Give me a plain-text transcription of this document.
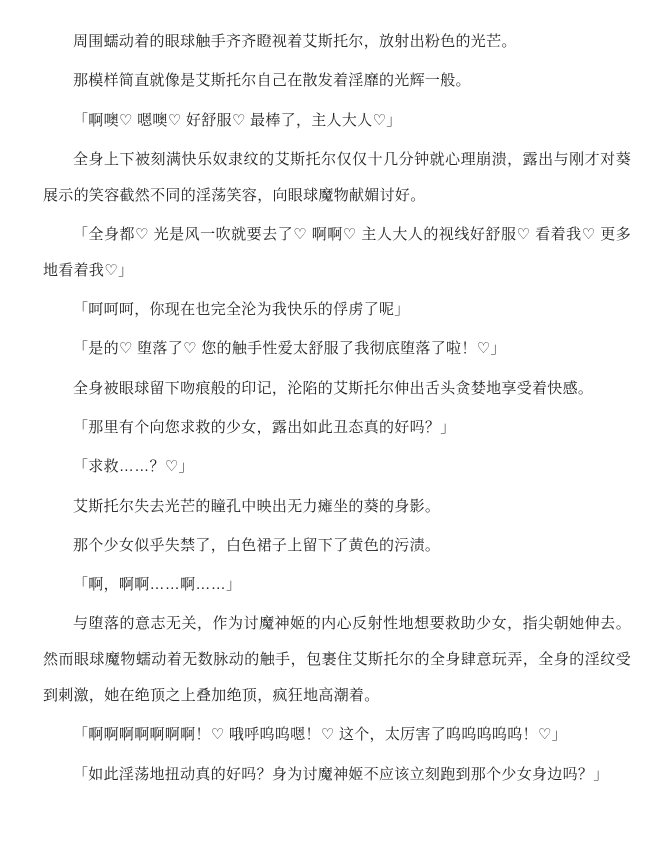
周围蠕动着的眼球触手齐齐瞪视着艾斯托尔，放射出粉色的光芒。

那模样简直就像是艾斯托尔自己在散发着淫靡的光辉一般。

「啊噢♡ 嗯噢♡ 好舒服♡ 最棒了，主人大人♡」

全身上下被刻满快乐奴隶纹的艾斯托尔仅仅十几分钟就心理崩溃，露出与刚才对葵展示的笑容截然不同的淫荡笑容，向眼球魔物献媚讨好。

「全身都♡ 光是风一吹就要去了♡ 啊啊♡ 主人大人的视线好舒服♡ 看着我♡ 更多地看着我♡」

「呵呵呵，你现在也完全沦为我快乐的俘虏了呢」

「是的♡ 堕落了♡ 您的触手性爱太舒服了我彻底堕落了啦！♡」

全身被眼球留下吻痕般的印记，沦陷的艾斯托尔伸出舌头贪婪地享受着快感。

「那里有个向您求救的少女，露出如此丑态真的好吗？」

「求救……？♡」

艾斯托尔失去光芒的瞳孔中映出无力瘫坐的葵的身影。

那个少女似乎失禁了，白色裙子上留下了黄色的污渍。

「啊，啊啊……啊……」

与堕落的意志无关，作为讨魔神姬的内心反射性地想要救助少女，指尖朝她伸去。然而眼球魔物蠕动着无数脉动的触手，包裹住艾斯托尔的全身肆意玩弄，全身的淫纹受到刺激，她在绝顶之上叠加绝顶，疯狂地高潮着。

「啊啊啊啊啊啊啊！♡ 哦呼呜呜嗯！♡ 这个，太厉害了呜呜呜呜呜！♡」

「如此淫荡地扭动真的好吗？身为讨魔神姬不应该立刻跑到那个少女身边吗？」
